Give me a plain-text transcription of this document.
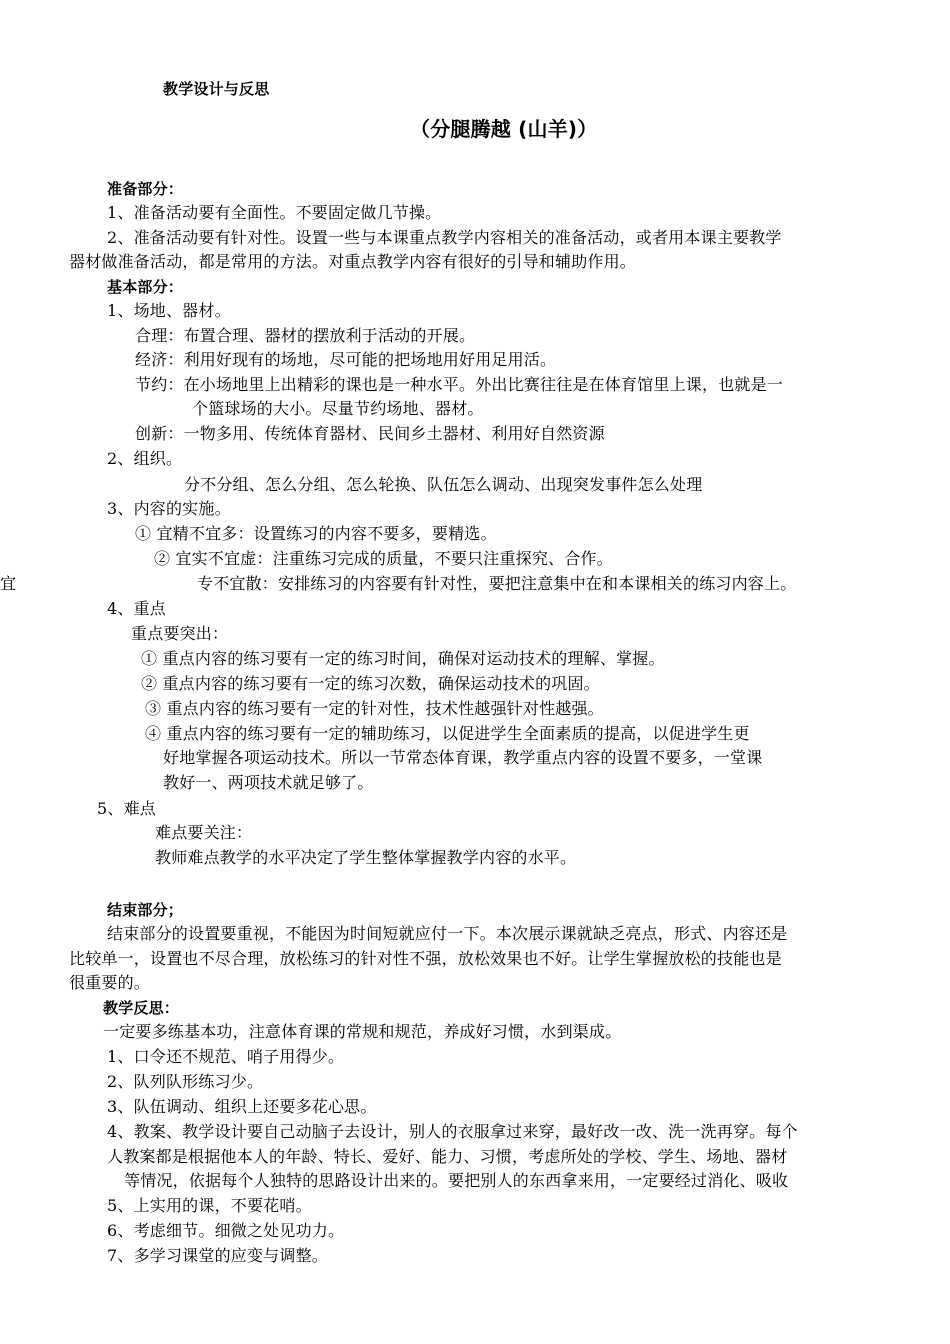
教学设计与反思
（分腿腾越 (山羊)）
准备部分：
1、准备活动要有全面性。不要固定做几节操。
2、准备活动要有针对性。设置一些与本课重点教学内容相关的准备活动，或者用本课主要教学
器材做准备活动，都是常用的方法。对重点教学内容有很好的引导和辅助作用。
基本部分：
1、场地、器材。
合理：布置合理、器材的摆放利于活动的开展。
经济：利用好现有的场地，尽可能的把场地用好用足用活。
节约：在小场地里上出精彩的课也是一种水平。外出比赛往往是在体育馆里上课，也就是一
个篮球场的大小。尽量节约场地、器材。
创新：一物多用、传统体育器材、民间乡土器材、利用好自然资源
2、组织。
分不分组、怎么分组、怎么轮换、队伍怎么调动、出现突发事件怎么处理
3、内容的实施。
① 宜精不宜多：设置练习的内容不要多，要精选。
② 宜实不宜虚：注重练习完成的质量，不要只注重探究、合作。
宜	专不宜散：安排练习的内容要有针对性，要把注意集中在和本课相关的练习内容上。
4、重点
重点要突出：
① 重点内容的练习要有一定的练习时间，确保对运动技术的理解、掌握。
② 重点内容的练习要有一定的练习次数，确保运动技术的巩固。
③ 重点内容的练习要有一定的针对性，技术性越强针对性越强。
④ 重点内容的练习要有一定的辅助练习，以促进学生全面素质的提高，以促进学生更
好地掌握各项运动技术。所以一节常态体育课，教学重点内容的设置不要多，一堂课
教好一、两项技术就足够了。
5、难点
难点要关注：
教师难点教学的水平决定了学生整体掌握教学内容的水平。
结束部分；
结束部分的设置要重视，不能因为时间短就应付一下。本次展示课就缺乏亮点，形式、内容还是
比较单一，设置也不尽合理，放松练习的针对性不强，放松效果也不好。让学生掌握放松的技能也是
很重要的。
教学反思：
一定要多练基本功，注意体育课的常规和规范，养成好习惯，水到渠成。
1、口令还不规范、哨子用得少。
2、队列队形练习少。
3、队伍调动、组织上还要多花心思。
4、教案、教学设计要自己动脑子去设计，别人的衣服拿过来穿，最好改一改、洗一洗再穿。每个
人教案都是根据他本人的年龄、特长、爱好、能力、习惯，考虑所处的学校、学生、场地、器材
等情况，依据每个人独特的思路设计出来的。要把别人的东西拿来用，一定要经过消化、吸收
5、上实用的课，不要花哨。
6、考虑细节。细微之处见功力。
7、多学习课堂的应变与调整。
